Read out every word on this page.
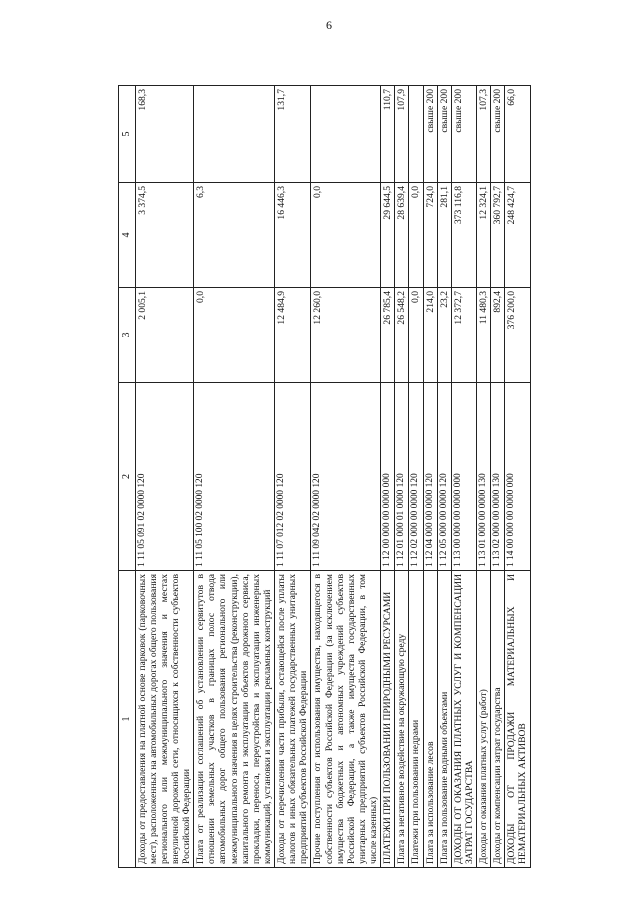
6
1	2	3	4	5
Доходы от предоставления на платной основе парковок (парковочных мест), расположенных на автомобильных дорогах общего пользования регионального или межмуниципального значения и местах внеуличной дорожной сети, относящихся к собственности субъектов Российской Федерации	1 11 05 091 02 0000 120	2 005,1	3 374,5	168,3
Плата от реализации соглашений об установлении сервитутов в отношении земельных участков в границах полос отвода автомобильных дорог общего пользования регионального или межмуниципального значения в целях строительства (реконструкции), капитального ремонта и эксплуатации объектов дорожного сервиса, прокладки, переноса, переустройства и эксплуатации инженерных коммуникаций, установки и эксплуатации рекламных конструкций	1 11 05 100 02 0000 120	0,0	6,3	
Доходы от перечисления части прибыли, остающейся после уплаты налогов и иных обязательных платежей государственных унитарных предприятий субъектов Российской Федерации	1 11 07 012 02 0000 120	12 484,9	16 446,3	131,7
Прочие поступления от использования имущества, находящегося в собственности субъектов Российской Федерации (за исключением имущества бюджетных и автономных учреждений субъектов Российской Федерации, а также имущества государственных унитарных предприятий субъектов Российской Федерации, в том числе казенных)	1 11 09 042 02 0000 120	12 260,0	0,0	
ПЛАТЕЖИ ПРИ ПОЛЬЗОВАНИИ ПРИРОДНЫМИ РЕСУРСАМИ	1 12 00 000 00 0000 000	26 785,4	29 644,5	110,7
Плата за негативное воздействие на окружающую среду	1 12 01 000 01 0000 120	26 548,2	28 639,4	107,9
Платежи при пользовании недрами	1 12 02 000 00 0000 120	0,0	0,0	
Плата за использование лесов	1 12 04 000 00 0000 120	214,0	724,0	свыше 200
Плата за пользование водными объектами	1 12 05 000 00 0000 120	23,2	281,1	свыше 200
ДОХОДЫ ОТ ОКАЗАНИЯ ПЛАТНЫХ УСЛУГ И КОМПЕНСАЦИИ ЗАТРАТ ГОСУДАРСТВА	1 13 00 000 00 0000 000	12 372,7	373 116,8	свыше 200
Доходы от оказания платных услуг (работ)	1 13 01 000 00 0000 130	11 480,3	12 324,1	107,3
Доходы от компенсации затрат государства	1 13 02 000 00 0000 130	892,4	360 792,7	свыше 200
ДОХОДЫ ОТ ПРОДАЖИ МАТЕРИАЛЬНЫХ И НЕМАТЕРИАЛЬНЫХ АКТИВОВ	1 14 00 000 00 0000 000	376 200,0	248 424,7	66,0
